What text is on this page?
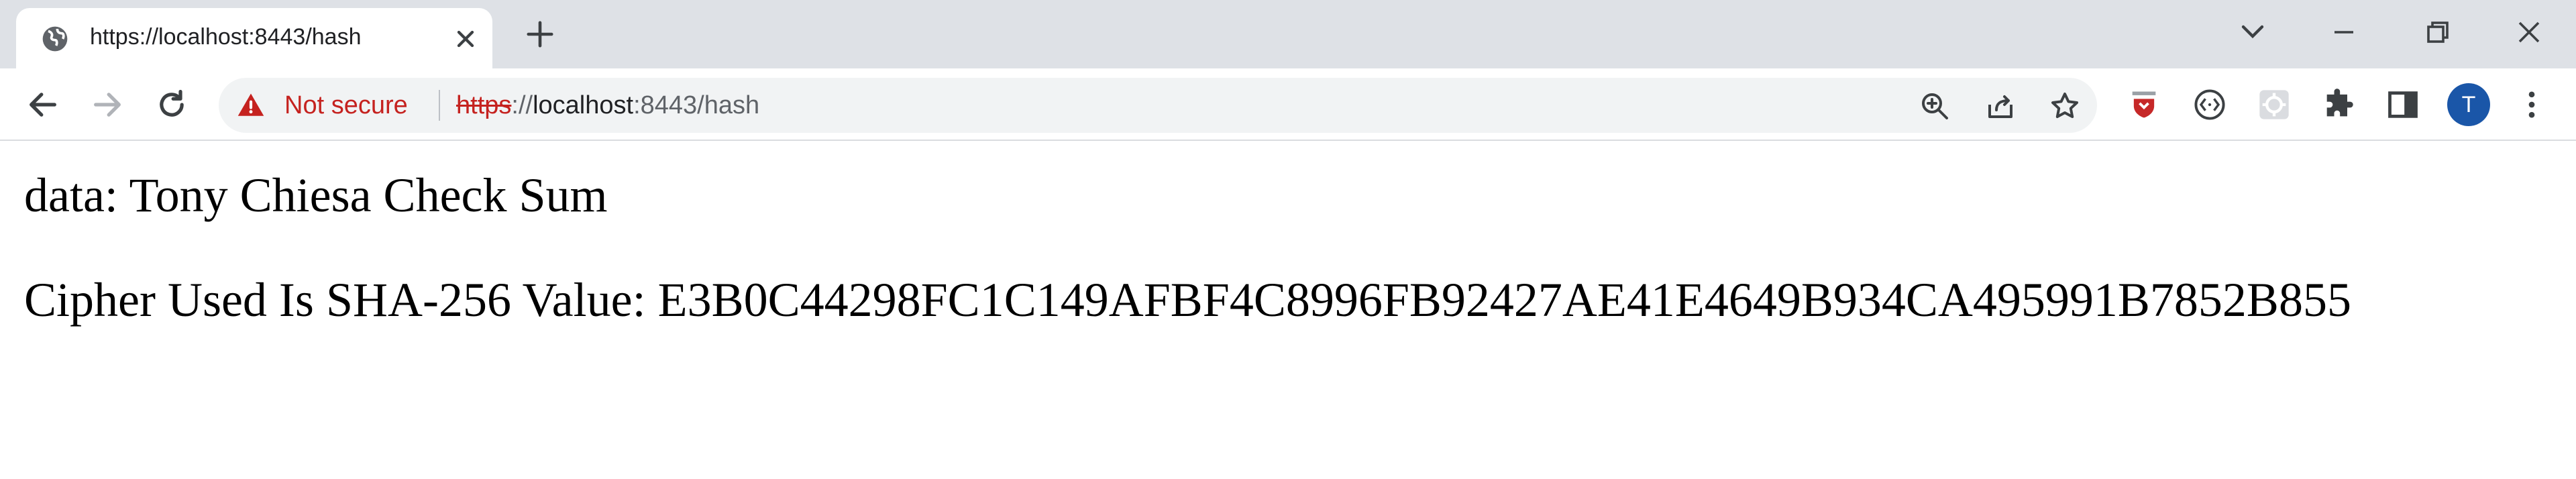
https://localhost:8443/hash
Not secure https://localhost:8443/hash	T
data: Tony Chiesa Check Sum
Cipher Used Is SHA-256 Value: E3B0C44298FC1C149AFBF4C8996FB92427AE41E4649B934CA495991B7852B855
